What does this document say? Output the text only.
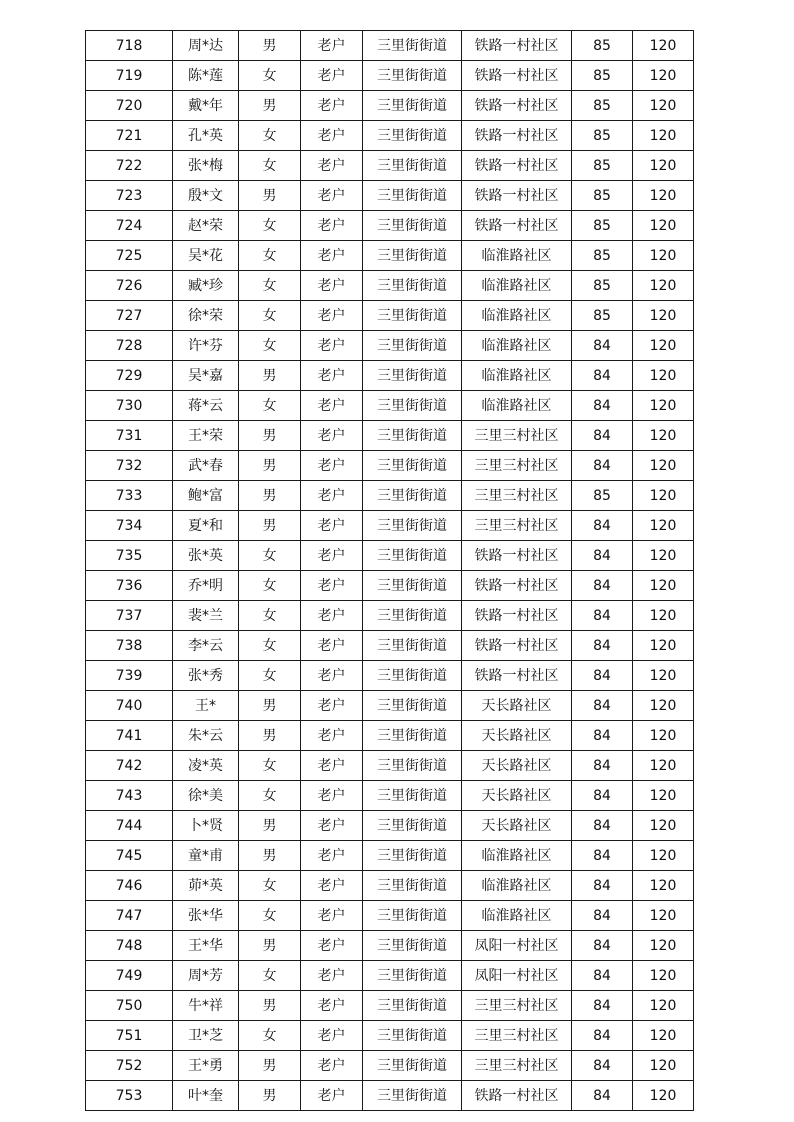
718	周*达	男	老户	三里街街道	铁路一村社区	85	120
719	陈*莲	女	老户	三里街街道	铁路一村社区	85	120
720	戴*年	男	老户	三里街街道	铁路一村社区	85	120
721	孔*英	女	老户	三里街街道	铁路一村社区	85	120
722	张*梅	女	老户	三里街街道	铁路一村社区	85	120
723	殷*文	男	老户	三里街街道	铁路一村社区	85	120
724	赵*荣	女	老户	三里街街道	铁路一村社区	85	120
725	吴*花	女	老户	三里街街道	临淮路社区	85	120
726	臧*珍	女	老户	三里街街道	临淮路社区	85	120
727	徐*荣	女	老户	三里街街道	临淮路社区	85	120
728	许*芬	女	老户	三里街街道	临淮路社区	84	120
729	吴*嘉	男	老户	三里街街道	临淮路社区	84	120
730	蒋*云	女	老户	三里街街道	临淮路社区	84	120
731	王*荣	男	老户	三里街街道	三里三村社区	84	120
732	武*春	男	老户	三里街街道	三里三村社区	84	120
733	鲍*富	男	老户	三里街街道	三里三村社区	85	120
734	夏*和	男	老户	三里街街道	三里三村社区	84	120
735	张*英	女	老户	三里街街道	铁路一村社区	84	120
736	乔*明	女	老户	三里街街道	铁路一村社区	84	120
737	裴*兰	女	老户	三里街街道	铁路一村社区	84	120
738	李*云	女	老户	三里街街道	铁路一村社区	84	120
739	张*秀	女	老户	三里街街道	铁路一村社区	84	120
740	王*	男	老户	三里街街道	天长路社区	84	120
741	朱*云	男	老户	三里街街道	天长路社区	84	120
742	凌*英	女	老户	三里街街道	天长路社区	84	120
743	徐*美	女	老户	三里街街道	天长路社区	84	120
744	卜*贤	男	老户	三里街街道	天长路社区	84	120
745	童*甫	男	老户	三里街街道	临淮路社区	84	120
746	茆*英	女	老户	三里街街道	临淮路社区	84	120
747	张*华	女	老户	三里街街道	临淮路社区	84	120
748	王*华	男	老户	三里街街道	凤阳一村社区	84	120
749	周*芳	女	老户	三里街街道	凤阳一村社区	84	120
750	牛*祥	男	老户	三里街街道	三里三村社区	84	120
751	卫*芝	女	老户	三里街街道	三里三村社区	84	120
752	王*勇	男	老户	三里街街道	三里三村社区	84	120
753	叶*奎	男	老户	三里街街道	铁路一村社区	84	120
